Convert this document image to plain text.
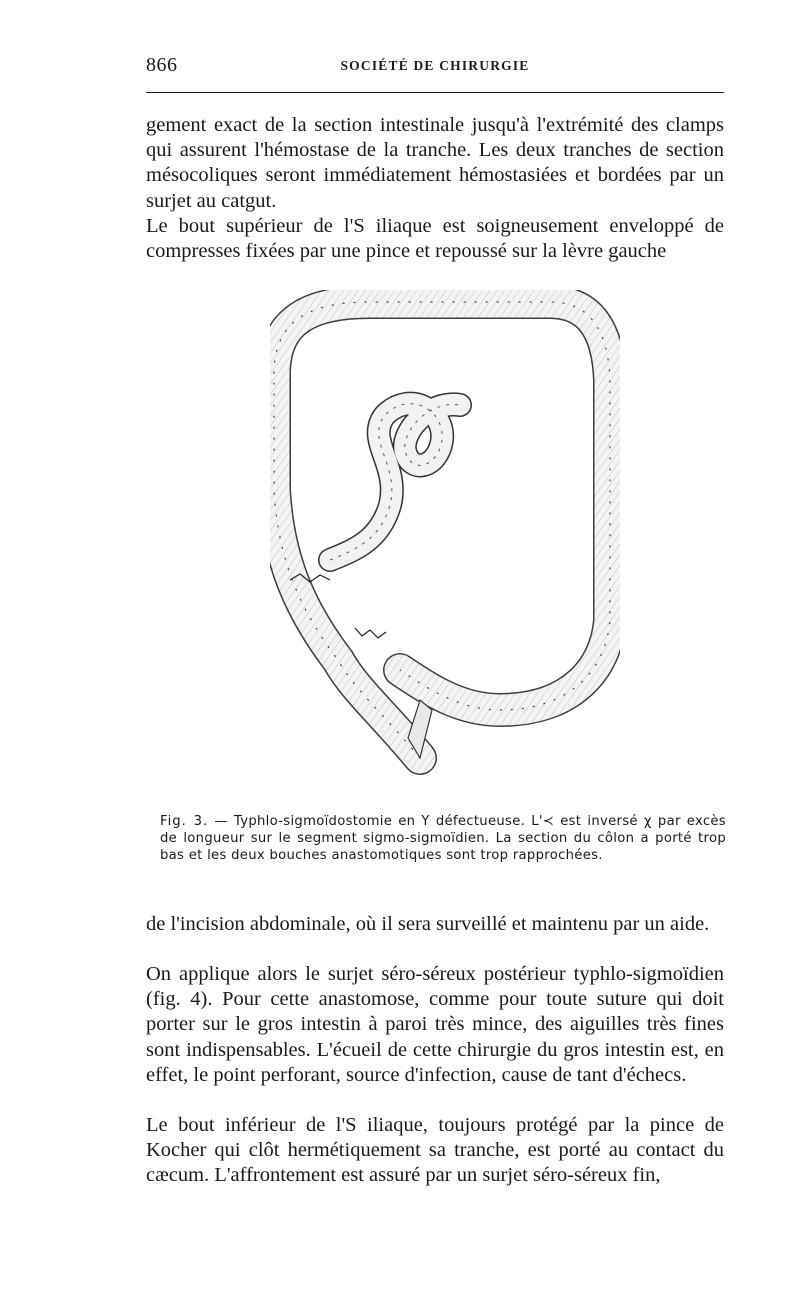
866	SOCIÉTÉ DE CHIRURGIE

gement exact de la section intestinale jusqu'à l'extrémité des clamps qui assurent l'hémostase de la tranche. Les deux tranches de section mésocoliques seront immédiatement hémostasiées et bordées par un surjet au catgut.

Le bout supérieur de l'S iliaque est soigneusement enveloppé de compresses fixées par une pince et repoussé sur la lèvre gauche

Fig. 3. — Typhlo-sigmoïdostomie en Y défectueuse. L'≺ est inversé χ par excès de longueur sur le segment sigmo-sigmoïdien. La section du côlon a porté trop bas et les deux bouches anastomotiques sont trop rapprochées.

de l'incision abdominale, où il sera surveillé et maintenu par un aide.

On applique alors le surjet séro-séreux postérieur typhlo-sigmoïdien (fig. 4). Pour cette anastomose, comme pour toute suture qui doit porter sur le gros intestin à paroi très mince, des aiguilles très fines sont indispensables. L'écueil de cette chirurgie du gros intestin est, en effet, le point perforant, source d'infection, cause de tant d'échecs.

Le bout inférieur de l'S iliaque, toujours protégé par la pince de Kocher qui clôt hermétiquement sa tranche, est porté au contact du cæcum. L'affrontement est assuré par un surjet séro-séreux fin,
